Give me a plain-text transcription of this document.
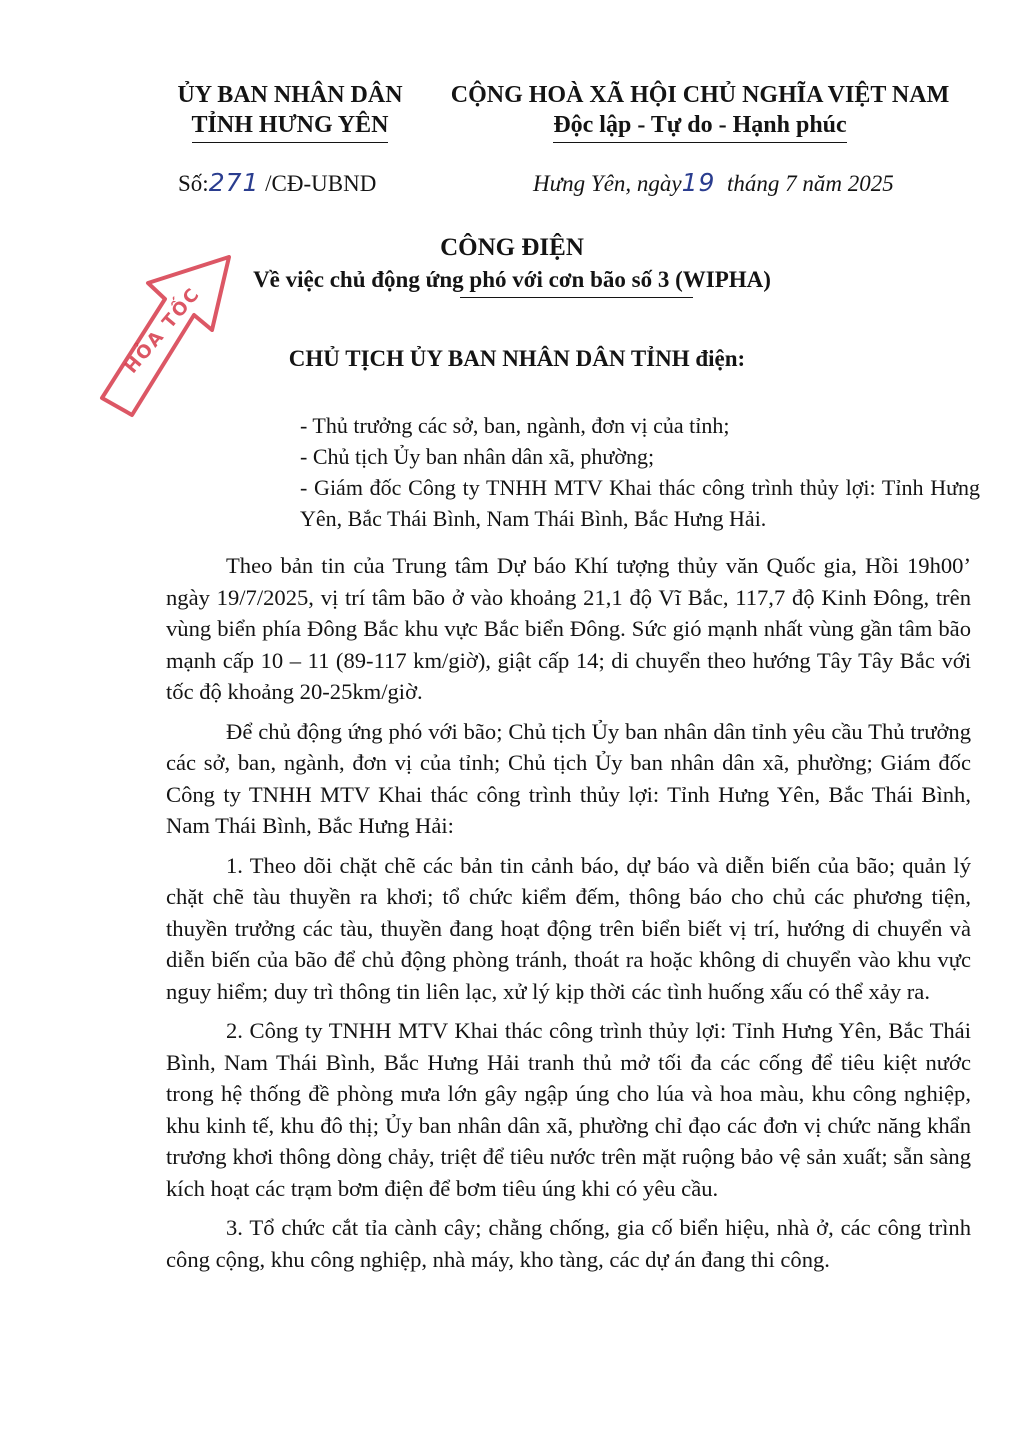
ỦY BAN NHÂN DÂN
TỈNH HƯNG YÊN
CỘNG HOÀ XÃ HỘI CHỦ NGHĨA VIỆT NAM
Độc lập - Tự do - Hạnh phúc
Số:271 /CĐ-UBND	Hưng Yên, ngày19 tháng 7 năm 2025
HỎA TỐC
CÔNG ĐIỆN
Về việc chủ động ứng phó với cơn bão số 3 (WIPHA)
CHỦ TỊCH ỦY BAN NHÂN DÂN TỈNH điện:
- Thủ trưởng các sở, ban, ngành, đơn vị của tỉnh;
- Chủ tịch Ủy ban nhân dân xã, phường;
- Giám đốc Công ty TNHH MTV Khai thác công trình thủy lợi: Tỉnh Hưng Yên, Bắc Thái Bình, Nam Thái Bình, Bắc Hưng Hải.

Theo bản tin của Trung tâm Dự báo Khí tượng thủy văn Quốc gia, Hồi 19h00’ ngày 19/7/2025, vị trí tâm bão ở vào khoảng 21,1 độ Vĩ Bắc, 117,7 độ Kinh Đông, trên vùng biển phía Đông Bắc khu vực Bắc biển Đông. Sức gió mạnh nhất vùng gần tâm bão mạnh cấp 10 – 11 (89-117 km/giờ), giật cấp 14; di chuyển theo hướng Tây Tây Bắc với tốc độ khoảng 20-25km/giờ.

Để chủ động ứng phó với bão; Chủ tịch Ủy ban nhân dân tỉnh yêu cầu Thủ trưởng các sở, ban, ngành, đơn vị của tỉnh; Chủ tịch Ủy ban nhân dân xã, phường; Giám đốc Công ty TNHH MTV Khai thác công trình thủy lợi: Tỉnh Hưng Yên, Bắc Thái Bình, Nam Thái Bình, Bắc Hưng Hải:

1. Theo dõi chặt chẽ các bản tin cảnh báo, dự báo và diễn biến của bão; quản lý chặt chẽ tàu thuyền ra khơi; tổ chức kiểm đếm, thông báo cho chủ các phương tiện, thuyền trưởng các tàu, thuyền đang hoạt động trên biển biết vị trí, hướng di chuyển và diễn biến của bão để chủ động phòng tránh, thoát ra hoặc không di chuyển vào khu vực nguy hiểm; duy trì thông tin liên lạc, xử lý kịp thời các tình huống xấu có thể xảy ra.

2. Công ty TNHH MTV Khai thác công trình thủy lợi: Tỉnh Hưng Yên, Bắc Thái Bình, Nam Thái Bình, Bắc Hưng Hải tranh thủ mở tối đa các cống để tiêu kiệt nước trong hệ thống đề phòng mưa lớn gây ngập úng cho lúa và hoa màu, khu công nghiệp, khu kinh tế, khu đô thị; Ủy ban nhân dân xã, phường chỉ đạo các đơn vị chức năng khẩn trương khơi thông dòng chảy, triệt để tiêu nước trên mặt ruộng bảo vệ sản xuất; sẵn sàng kích hoạt các trạm bơm điện để bơm tiêu úng khi có yêu cầu.

3. Tổ chức cắt tỉa cành cây; chằng chống, gia cố biển hiệu, nhà ở, các công trình công cộng, khu công nghiệp, nhà máy, kho tàng, các dự án đang thi công.
